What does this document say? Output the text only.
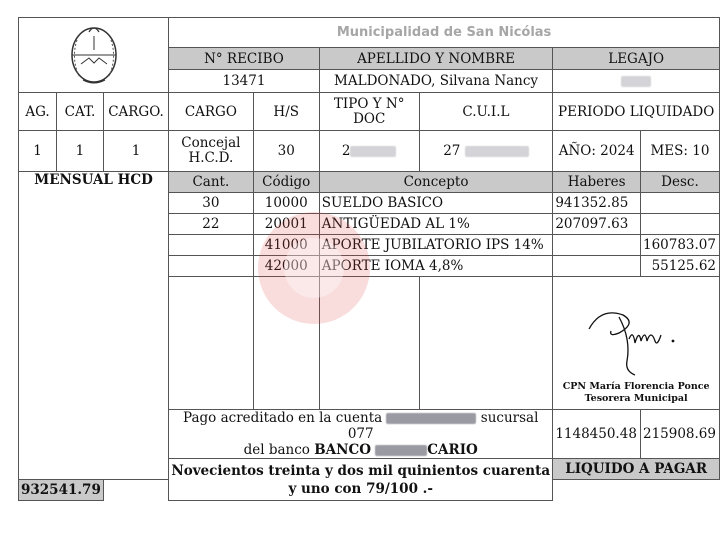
	Municipalidad de San Nicólas					
			N° RECIBO		APELLIDO Y NOMBRE		LEGAJO	
			13471		MALDONADO, Silvana Nancy			
AG.	CAT.	CARGO.	CARGO	H/S	TIPO Y N° DOC	C.U.I.L	PERIODO LIQUIDADO	
1	1	1	Concejal H.C.D.	30	2	27	AÑO: 2024	MES: 10
MENSUAL HCD			Cant.	Código	Concepto		Haberes	Desc.
			30	10000	SUELDO BASICO		941352.85	
			22	20001	ANTIGÜEDAD AL 1%		207097.63	
				41000	APORTE JUBILATORIO IPS 14%			160783.07
				42000	APORTE IOMA 4,8%			55125.62

							CPN María Florencia Ponce
Tesorera Municipal	

			Pago acreditado en la cuenta sucursal 077
del banco BANCO CARIO				1148450.48	215908.69
			Novecientos treinta y dos mil quinientos cuarenta y uno con 79/100 .-				LIQUIDO A PAGAR	
932541.79								
